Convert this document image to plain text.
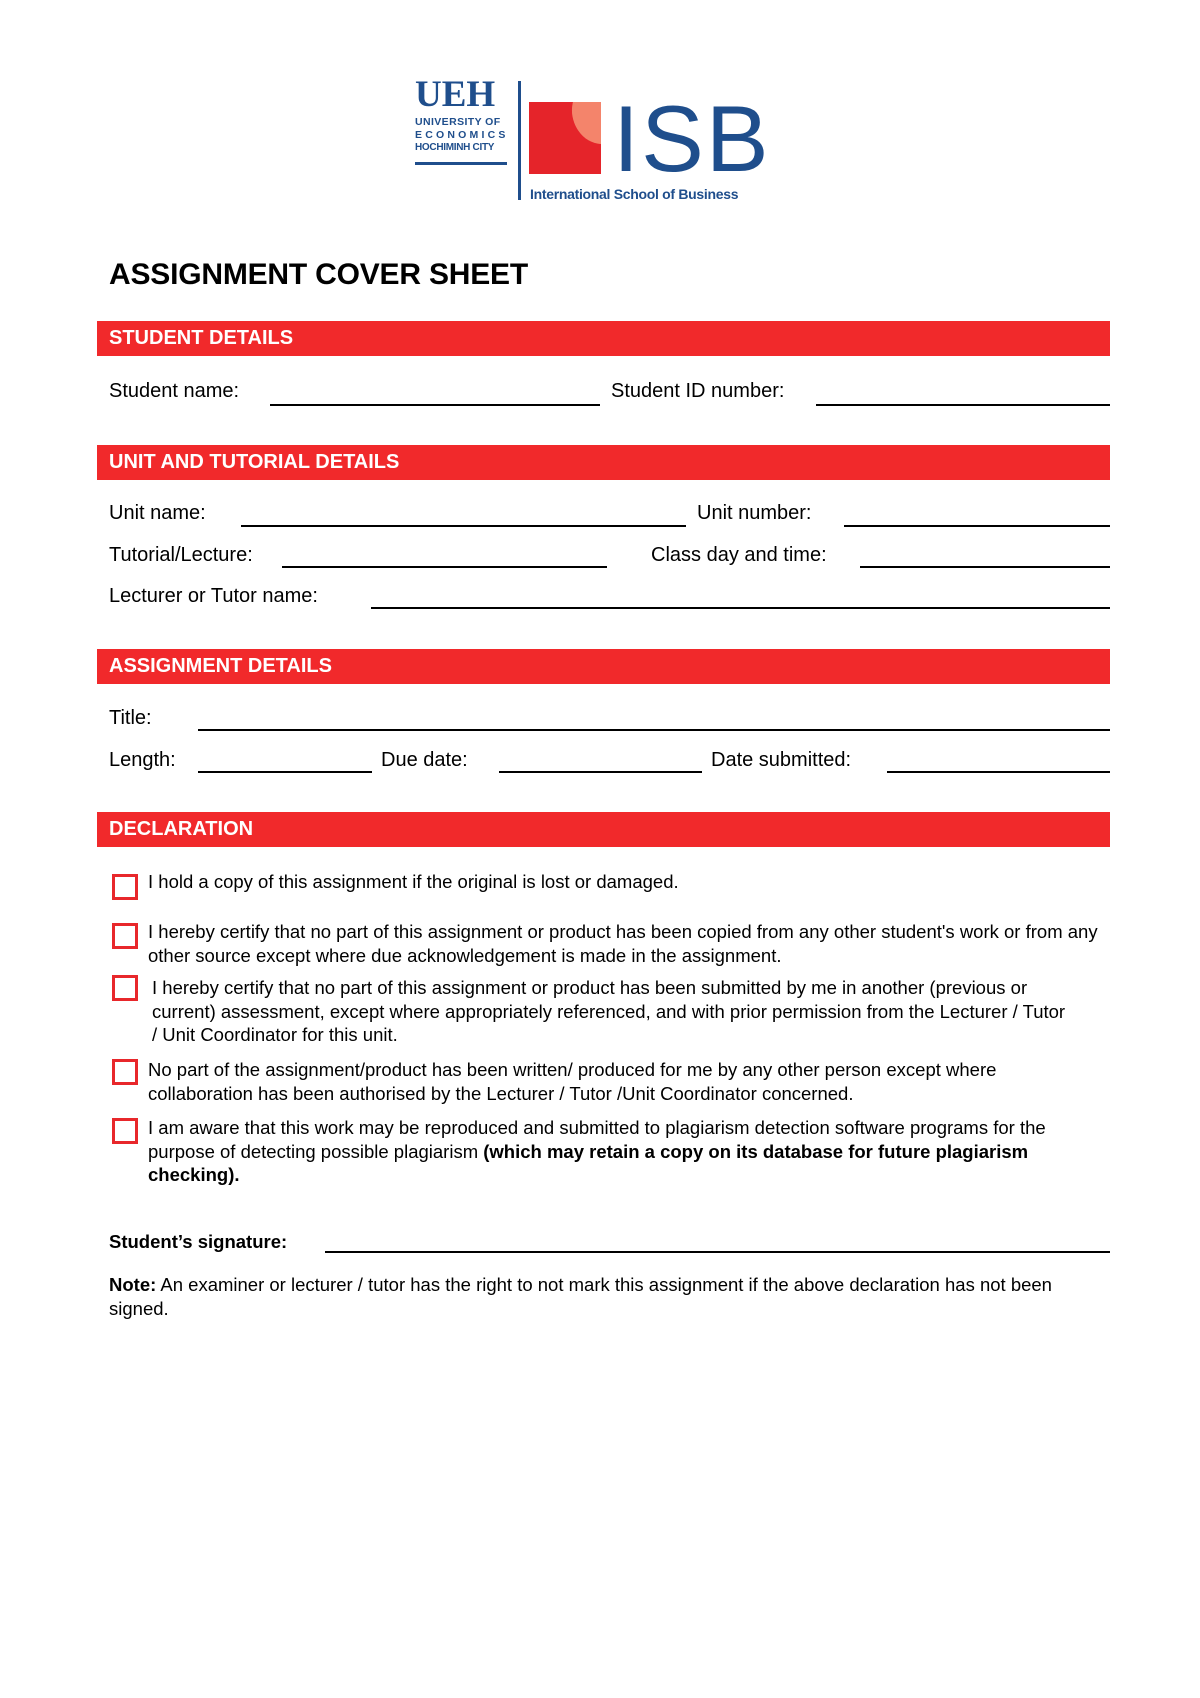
UEH
UNIVERSITY OF
ECONOMICS
HOCHIMINH CITY ISB
International School of Business
ASSIGNMENT COVER SHEET
STUDENT DETAILS
Student name:	Student ID number:
UNIT AND TUTORIAL DETAILS
Unit name:	Unit number:
Tutorial/Lecture:	Class day and time:
Lecturer or Tutor name:
ASSIGNMENT DETAILS
Title:
Length:	Due date:	Date submitted:
DECLARATION
I hold a copy of this assignment if the original is lost or damaged.
I hereby certify that no part of this assignment or product has been copied from any other student's work or from any other source except where due acknowledgement is made in the assignment.
I hereby certify that no part of this assignment or product has been submitted by me in another (previous or current) assessment, except where appropriately referenced, and with prior permission from the Lecturer / Tutor / Unit Coordinator for this unit.
No part of the assignment/product has been written/ produced for me by any other person except where collaboration has been authorised by the Lecturer / Tutor /Unit Coordinator concerned.
I am aware that this work may be reproduced and submitted to plagiarism detection software programs for the purpose of detecting possible plagiarism (which may retain a copy on its database for future plagiarism checking).
Student’s signature:
Note: An examiner or lecturer / tutor has the right to not mark this assignment if the above declaration has not been signed.
